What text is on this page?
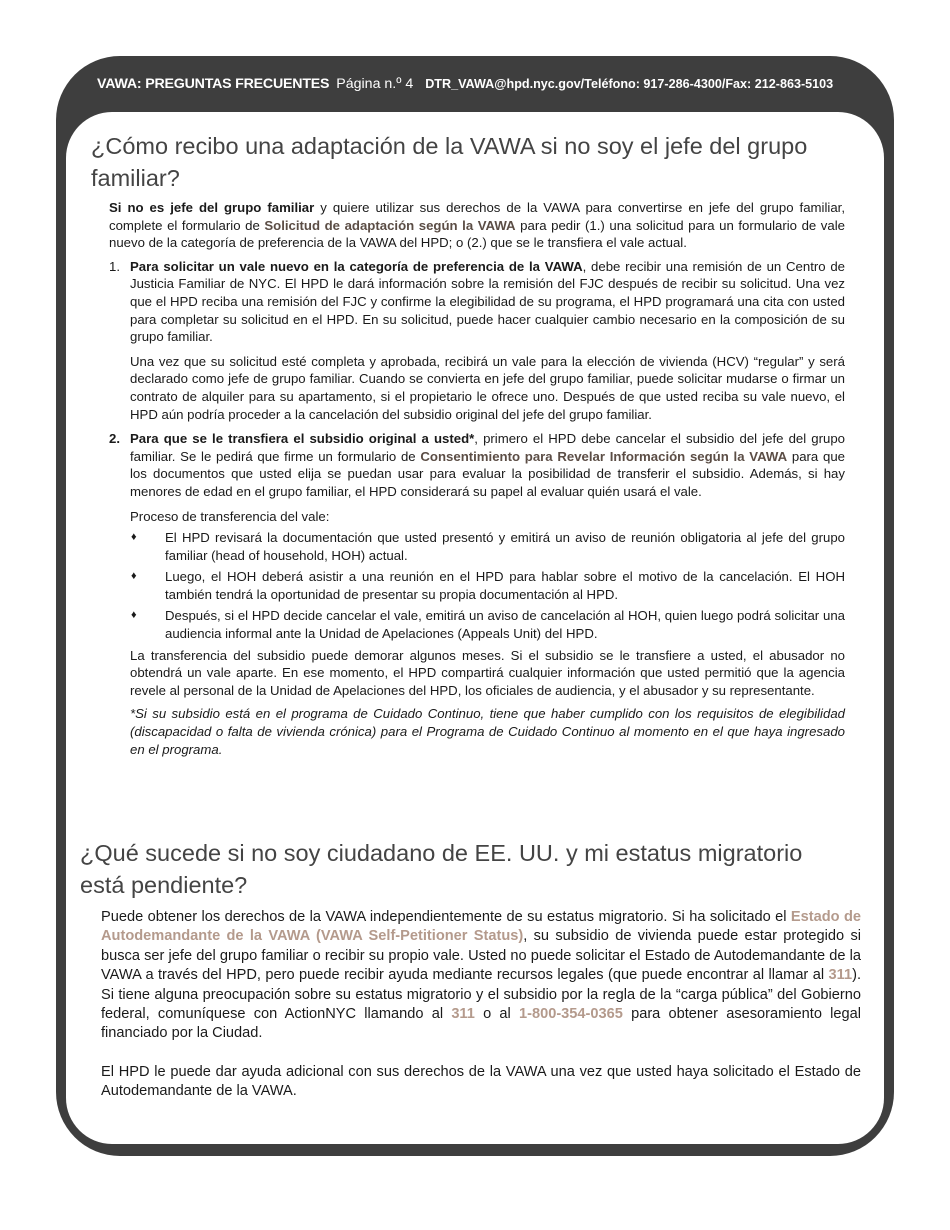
VAWA: PREGUNTAS FRECUENTES Página n.º 4 DTR_VAWA@hpd.nyc.gov/Teléfono: 917-286-4300/Fax: 212-863-5103
¿Cómo recibo una adaptación de la VAWA si no soy el jefe del grupo familiar?

Si no es jefe del grupo familiar y quiere utilizar sus derechos de la VAWA para convertirse en jefe del grupo familiar, complete el formulario de Solicitud de adaptación según la VAWA para pedir (1.) una solicitud para un formulario de vale nuevo de la categoría de preferencia de la VAWA del HPD; o (2.) que se le transfiera el vale actual.

1. Para solicitar un vale nuevo en la categoría de preferencia de la VAWA, debe recibir una remisión de un Centro de Justicia Familiar de NYC. El HPD le dará información sobre la remisión del FJC después de recibir su solicitud. Una vez que el HPD reciba una remisión del FJC y confirme la elegibilidad de su programa, el HPD programará una cita con usted para completar su solicitud en el HPD. En su solicitud, puede hacer cualquier cambio necesario en la composición de su grupo familiar.

Una vez que su solicitud esté completa y aprobada, recibirá un vale para la elección de vivienda (HCV) “regular” y será declarado como jefe de grupo familiar. Cuando se convierta en jefe del grupo familiar, puede solicitar mudarse o firmar un contrato de alquiler para su apartamento, si el propietario le ofrece uno. Después de que usted reciba su vale nuevo, el HPD aún podría proceder a la cancelación del subsidio original del jefe del grupo familiar.

2. Para que se le transfiera el subsidio original a usted*, primero el HPD debe cancelar el subsidio del jefe del grupo familiar. Se le pedirá que firme un formulario de Consentimiento para Revelar Información según la VAWA para que los documentos que usted elija se puedan usar para evaluar la posibilidad de transferir el subsidio. Además, si hay menores de edad en el grupo familiar, el HPD considerará su papel al evaluar quién usará el vale.

Proceso de transferencia del vale:

♦ El HPD revisará la documentación que usted presentó y emitirá un aviso de reunión obligatoria al jefe del grupo familiar (head of household, HOH) actual.
♦ Luego, el HOH deberá asistir a una reunión en el HPD para hablar sobre el motivo de la cancelación. El HOH también tendrá la oportunidad de presentar su propia documentación al HPD.
♦ Después, si el HPD decide cancelar el vale, emitirá un aviso de cancelación al HOH, quien luego podrá solicitar una audiencia informal ante la Unidad de Apelaciones (Appeals Unit) del HPD.

La transferencia del subsidio puede demorar algunos meses. Si el subsidio se le transfiere a usted, el abusador no obtendrá un vale aparte. En ese momento, el HPD compartirá cualquier información que usted permitió que la agencia revele al personal de la Unidad de Apelaciones del HPD, los oficiales de audiencia, y el abusador y su representante.

*Si su subsidio está en el programa de Cuidado Continuo, tiene que haber cumplido con los requisitos de elegibilidad (discapacidad o falta de vivienda crónica) para el Programa de Cuidado Continuo al momento en el que haya ingresado en el programa.

¿Qué sucede si no soy ciudadano de EE. UU. y mi estatus migratorio está pendiente?

Puede obtener los derechos de la VAWA independientemente de su estatus migratorio. Si ha solicitado el Estado de Autodemandante de la VAWA (VAWA Self-Petitioner Status), su subsidio de vivienda puede estar protegido si busca ser jefe del grupo familiar o recibir su propio vale. Usted no puede solicitar el Estado de Autodemandante de la VAWA a través del HPD, pero puede recibir ayuda mediante recursos legales (que puede encontrar al llamar al 311). Si tiene alguna preocupación sobre su estatus migratorio y el subsidio por la regla de la “carga pública” del Gobierno federal, comuníquese con ActionNYC llamando al 311 o al 1-800-354-0365 para obtener asesoramiento legal financiado por la Ciudad.

El HPD le puede dar ayuda adicional con sus derechos de la VAWA una vez que usted haya solicitado el Estado de Autodemandante de la VAWA.
